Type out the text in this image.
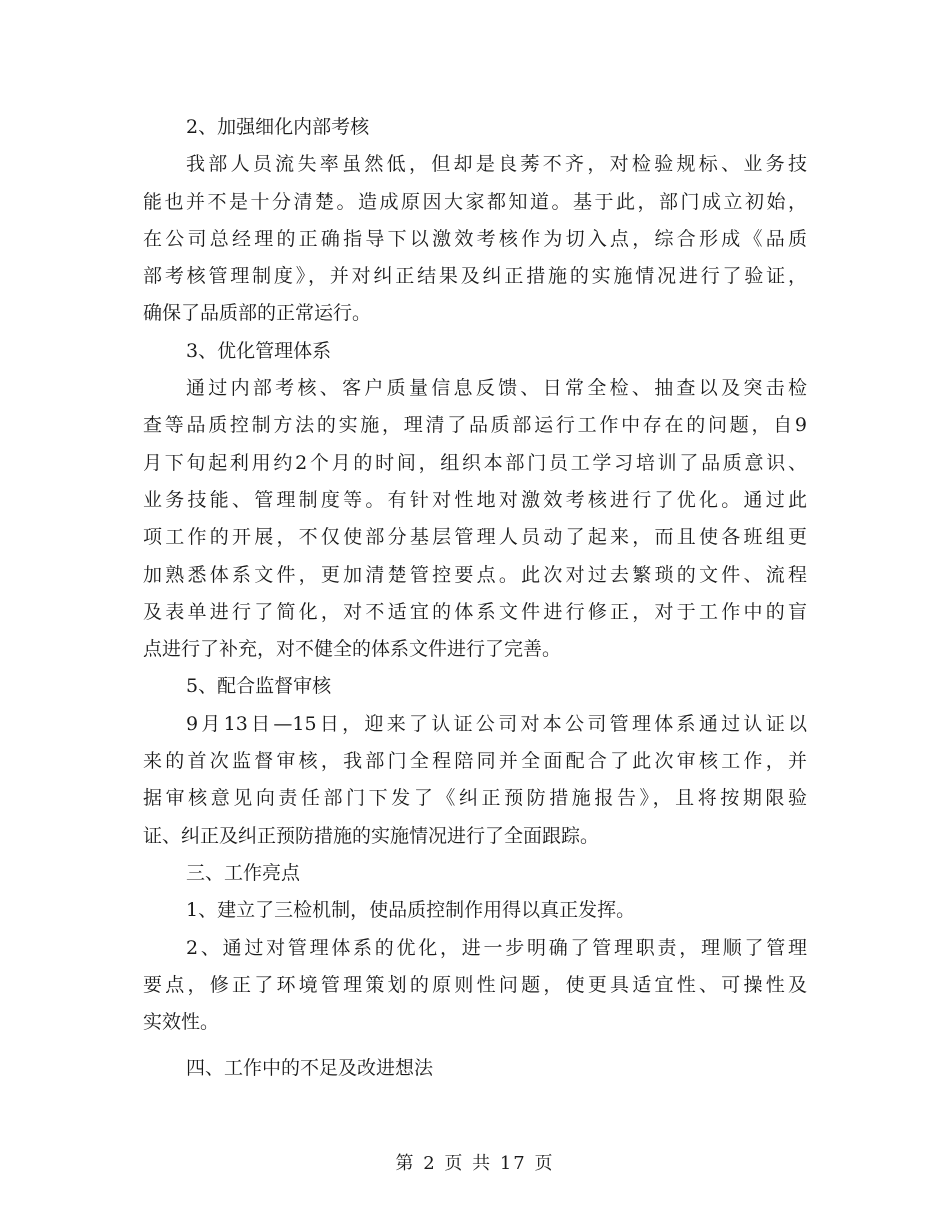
2、加强细化内部考核
我部人员流失率虽然低，但却是良莠不齐，对检验规标、业务技
能也并不是十分清楚。造成原因大家都知道。基于此，部门成立初始，
在公司总经理的正确指导下以激效考核作为切入点，综合形成《品质
部考核管理制度》，并对纠正结果及纠正措施的实施情况进行了验证，
确保了品质部的正常运行。
3、优化管理体系
通过内部考核、客户质量信息反馈、日常全检、抽查以及突击检
查等品质控制方法的实施，理清了品质部运行工作中存在的问题，自9
月下旬起利用约2个月的时间，组织本部门员工学习培训了品质意识、
业务技能、管理制度等。有针对性地对激效考核进行了优化。通过此
项工作的开展，不仅使部分基层管理人员动了起来，而且使各班组更
加熟悉体系文件，更加清楚管控要点。此次对过去繁琐的文件、流程
及表单进行了简化，对不适宜的体系文件进行修正，对于工作中的盲
点进行了补充，对不健全的体系文件进行了完善。
5、配合监督审核
9月13日—15日，迎来了认证公司对本公司管理体系通过认证以
来的首次监督审核，我部门全程陪同并全面配合了此次审核工作，并
据审核意见向责任部门下发了《纠正预防措施报告》，且将按期限验
证、纠正及纠正预防措施的实施情况进行了全面跟踪。
三、工作亮点
1、建立了三检机制，使品质控制作用得以真正发挥。
2、通过对管理体系的优化，进一步明确了管理职责，理顺了管理
要点，修正了环境管理策划的原则性问题，使更具适宜性、可操性及
实效性。
四、工作中的不足及改进想法
第 2 页 共 17 页
